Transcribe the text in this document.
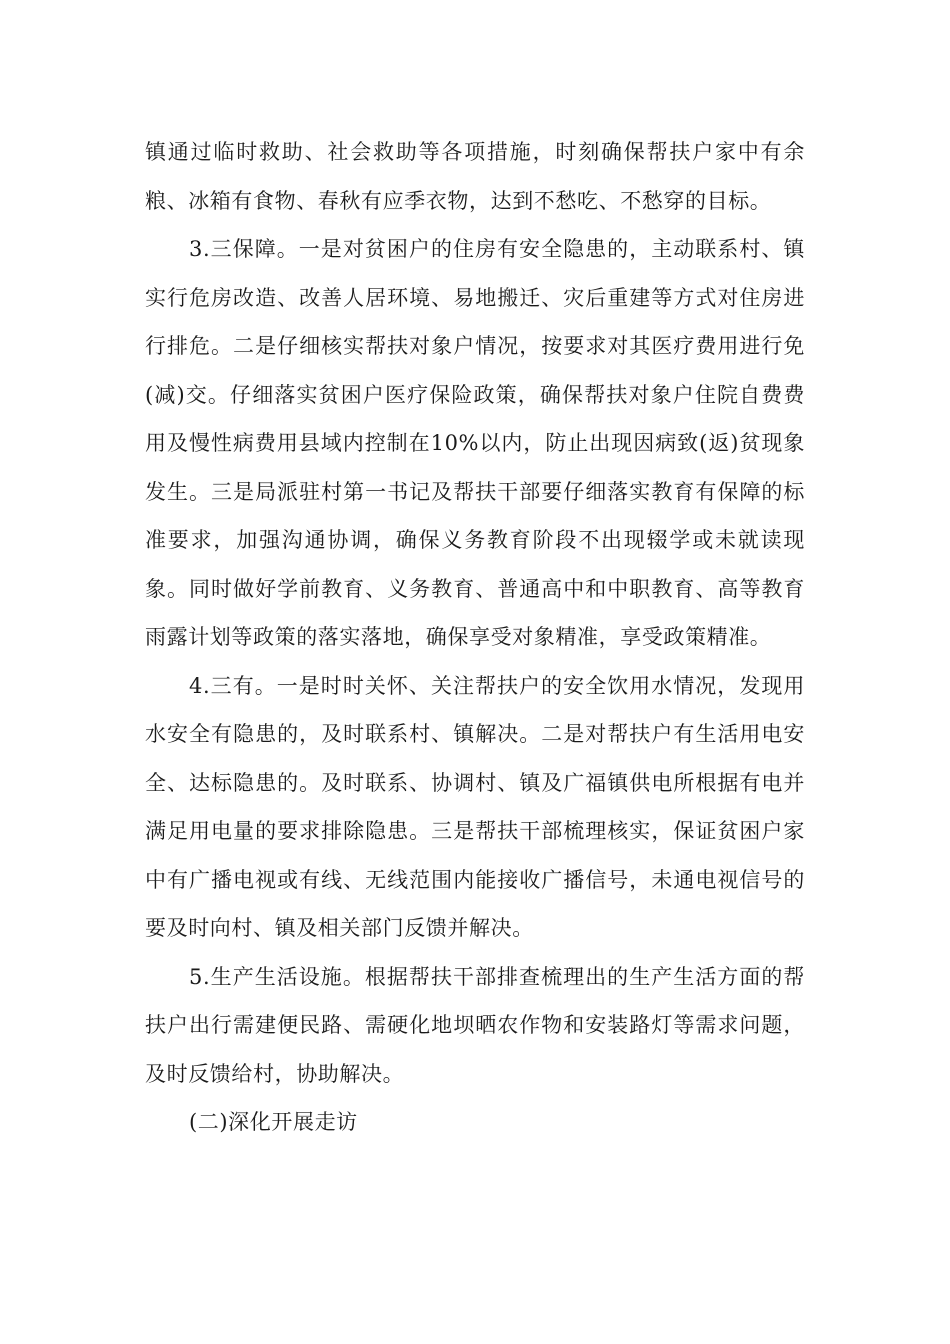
镇通过临时救助、社会救助等各项措施，时刻确保帮扶户家中有余粮、冰箱有食物、春秋有应季衣物，达到不愁吃、不愁穿的目标。

3.三保障。一是对贫困户的住房有安全隐患的，主动联系村、镇实行危房改造、改善人居环境、易地搬迁、灾后重建等方式对住房进行排危。二是仔细核实帮扶对象户情况，按要求对其医疗费用进行免(减)交。仔细落实贫困户医疗保险政策，确保帮扶对象户住院自费费用及慢性病费用县域内控制在10%以内，防止出现因病致(返)贫现象发生。三是局派驻村第一书记及帮扶干部要仔细落实教育有保障的标准要求，加强沟通协调，确保义务教育阶段不出现辍学或未就读现象。同时做好学前教育、义务教育、普通高中和中职教育、高等教育雨露计划等政策的落实落地，确保享受对象精准，享受政策精准。

4.三有。一是时时关怀、关注帮扶户的安全饮用水情况，发现用水安全有隐患的，及时联系村、镇解决。二是对帮扶户有生活用电安全、达标隐患的。及时联系、协调村、镇及广福镇供电所根据有电并满足用电量的要求排除隐患。三是帮扶干部梳理核实，保证贫困户家中有广播电视或有线、无线范围内能接收广播信号，未通电视信号的要及时向村、镇及相关部门反馈并解决。

5.生产生活设施。根据帮扶干部排查梳理出的生产生活方面的帮扶户出行需建便民路、需硬化地坝晒农作物和安装路灯等需求问题，及时反馈给村，协助解决。

(二)深化开展走访
